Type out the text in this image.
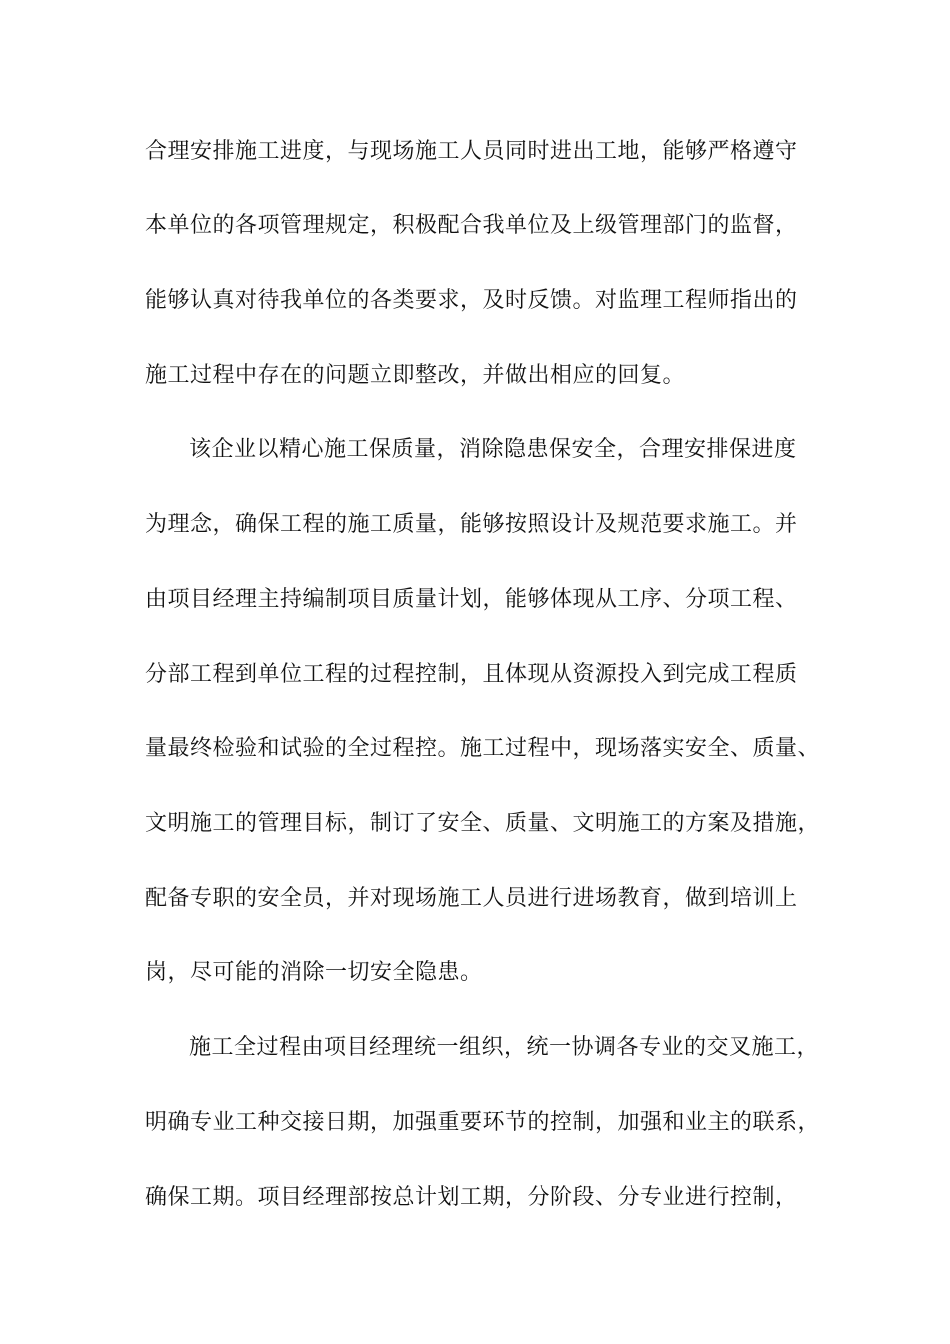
合理安排施工进度，与现场施工人员同时进出工地，能够严格遵守
本单位的各项管理规定，积极配合我单位及上级管理部门的监督，
能够认真对待我单位的各类要求，及时反馈。对监理工程师指出的
施工过程中存在的问题立即整改，并做出相应的回复。
该企业以精心施工保质量，消除隐患保安全，合理安排保进度
为理念，确保工程的施工质量，能够按照设计及规范要求施工。并
由项目经理主持编制项目质量计划，能够体现从工序、分项工程、
分部工程到单位工程的过程控制，且体现从资源投入到完成工程质
量最终检验和试验的全过程控。施工过程中，现场落实安全、质量、
文明施工的管理目标，制订了安全、质量、文明施工的方案及措施，
配备专职的安全员，并对现场施工人员进行进场教育，做到培训上
岗，尽可能的消除一切安全隐患。
施工全过程由项目经理统一组织，统一协调各专业的交叉施工，
明确专业工种交接日期，加强重要环节的控制，加强和业主的联系，
确保工期。项目经理部按总计划工期，分阶段、分专业进行控制，
